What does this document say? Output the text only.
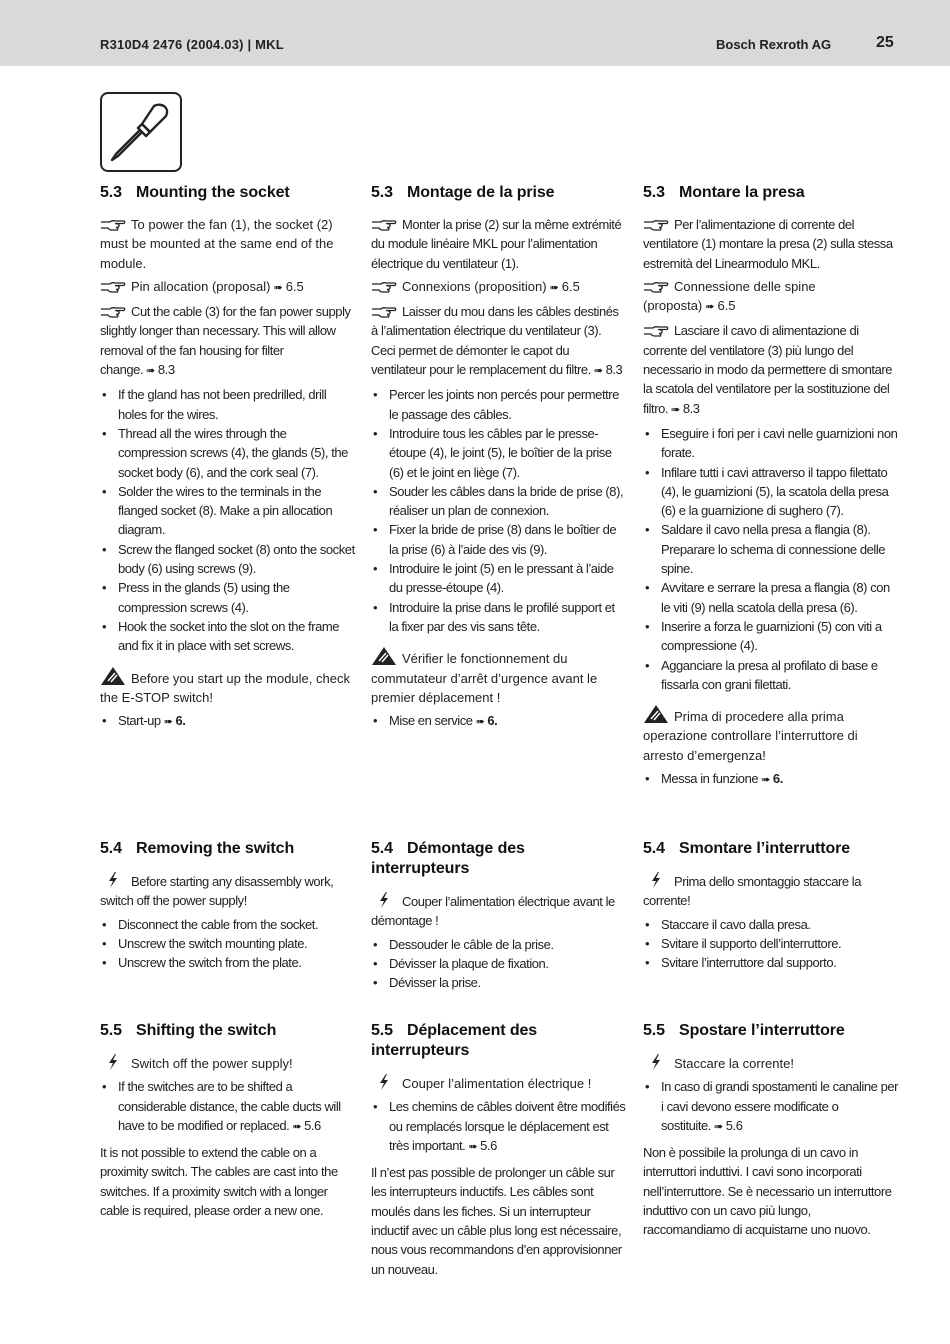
R310D4 2476 (2004.03) | MKL	Bosch Rexroth AG	25
5.3 Mounting the socket

To power the fan (1), the socket (2) must be mounted at the same end of the module.

Pin allocation (proposal) ➠ 6.5

Cut the cable (3) for the fan power supply slightly longer than necessary. This will allow removal of the fan housing for filter change. ➠ 8.3

• If the gland has not been predrilled, drill holes for the wires.
• Thread all the wires through the compression screws (4), the glands (5), the socket body (6), and the cork seal (7).
• Solder the wires to the terminals in the flanged socket (8). Make a pin allocation diagram.
• Screw the flanged socket (8) onto the socket body (6) using screws (9).
• Press in the glands (5) using the compression screws (4).
• Hook the socket into the slot on the frame and fix it in place with set screws.

Before you start up the module, check the E-STOP switch!

• Start-up ➠ 6.
5.3 Montage de la prise

Monter la prise (2) sur la même extrémité du module linéaire MKL pour l’alimentation électrique du ventilateur (1).

Connexions (proposition) ➠ 6.5

Laisser du mou dans les câbles destinés à l’alimentation électrique du ventilateur (3). Ceci permet de démonter le capot du ventilateur pour le remplacement du filtre. ➠ 8.3

• Percer les joints non percés pour permettre le passage des câbles.
• Introduire tous les câbles par le presse-étoupe (4), le joint (5), le boîtier de la prise (6) et le joint en liège (7).
• Souder les câbles dans la bride de prise (8), réaliser un plan de connexion.
• Fixer la bride de prise (8) dans le boîtier de la prise (6) à l’aide des vis (9).
• Introduire le joint (5) en le pressant à l’aide du presse-étoupe (4).
• Introduire la prise dans le profilé support et la fixer par des vis sans tête.

Vérifier le fonctionnement du commutateur d’arrêt d’urgence avant le premier déplacement !

• Mise en service ➠ 6.
5.3 Montare la presa

Per l’alimentazione di corrente del ventilatore (1) montare la presa (2) sulla stessa estremità del Linearmodulo MKL.

Connessione delle spine (proposta) ➠ 6.5

Lasciare il cavo di alimentazione di corrente del ventilatore (3) più lungo del necessario in modo da permettere di smontare la scatola del ventilatore per la sostituzione del filtro. ➠ 8.3

• Eseguire i fori per i cavi nelle guarnizioni non forate.
• Infilare tutti i cavi attraverso il tappo filettato (4), le guarnizioni (5), la scatola della presa (6) e la guarnizione di sughero (7).
• Saldare il cavo nella presa a flangia (8). Preparare lo schema di connessione delle spine.
• Avvitare e serrare la presa a flangia (8) con le viti (9) nella scatola della presa (6).
• Inserire a forza le guarnizioni (5) con viti a compressione (4).
• Agganciare la presa al profilato di base e fissarla con grani filettati.

Prima di procedere alla prima operazione controllare l’interruttore di arresto d’emergenza!

• Messa in funzione ➠ 6.
5.4 Removing the switch

Before starting any disassembly work, switch off the power supply!

• Disconnect the cable from the socket.
• Unscrew the switch mounting plate.
• Unscrew the switch from the plate.
5.4 Démontage des interrupteurs

Couper l’alimentation électrique avant le démontage !

• Dessouder le câble de la prise.
• Dévisser la plaque de fixation.
• Dévisser la prise.
5.4 Smontare l’interruttore

Prima dello smontaggio staccare la corrente!

• Staccare il cavo dalla presa.
• Svitare il supporto dell’interruttore.
• Svitare l’interruttore dal supporto.
5.5 Shifting the switch

Switch off the power supply!

• If the switches are to be shifted a considerable distance, the cable ducts will have to be modified or replaced. ➠ 5.6

It is not possible to extend the cable on a proximity switch. The cables are cast into the switches. If a proximity switch with a longer cable is required, please order a new one.

5.5 Déplacement des interrupteurs

Couper l’alimentation électrique !

• Les chemins de câbles doivent être modifiés ou remplacés lorsque le déplacement est très important. ➠ 5.6

Il n’est pas possible de prolonger un câble sur les interrupteurs inductifs. Les câbles sont moulés dans les fiches. Si un interrupteur inductif avec un câble plus long est nécessaire, nous vous recommandons d’en approvisionner un nouveau.

5.5 Spostare l’interruttore

Staccare la corrente!

• In caso di grandi spostamenti le canaline per i cavi devono essere modificate o sostituite. ➠ 5.6

Non è possibile la prolunga di un cavo in interruttori induttivi. I cavi sono incorporati nell’interruttore. Se è necessario un interruttore induttivo con un cavo più lungo, raccomandiamo di acquistarne uno nuovo.
